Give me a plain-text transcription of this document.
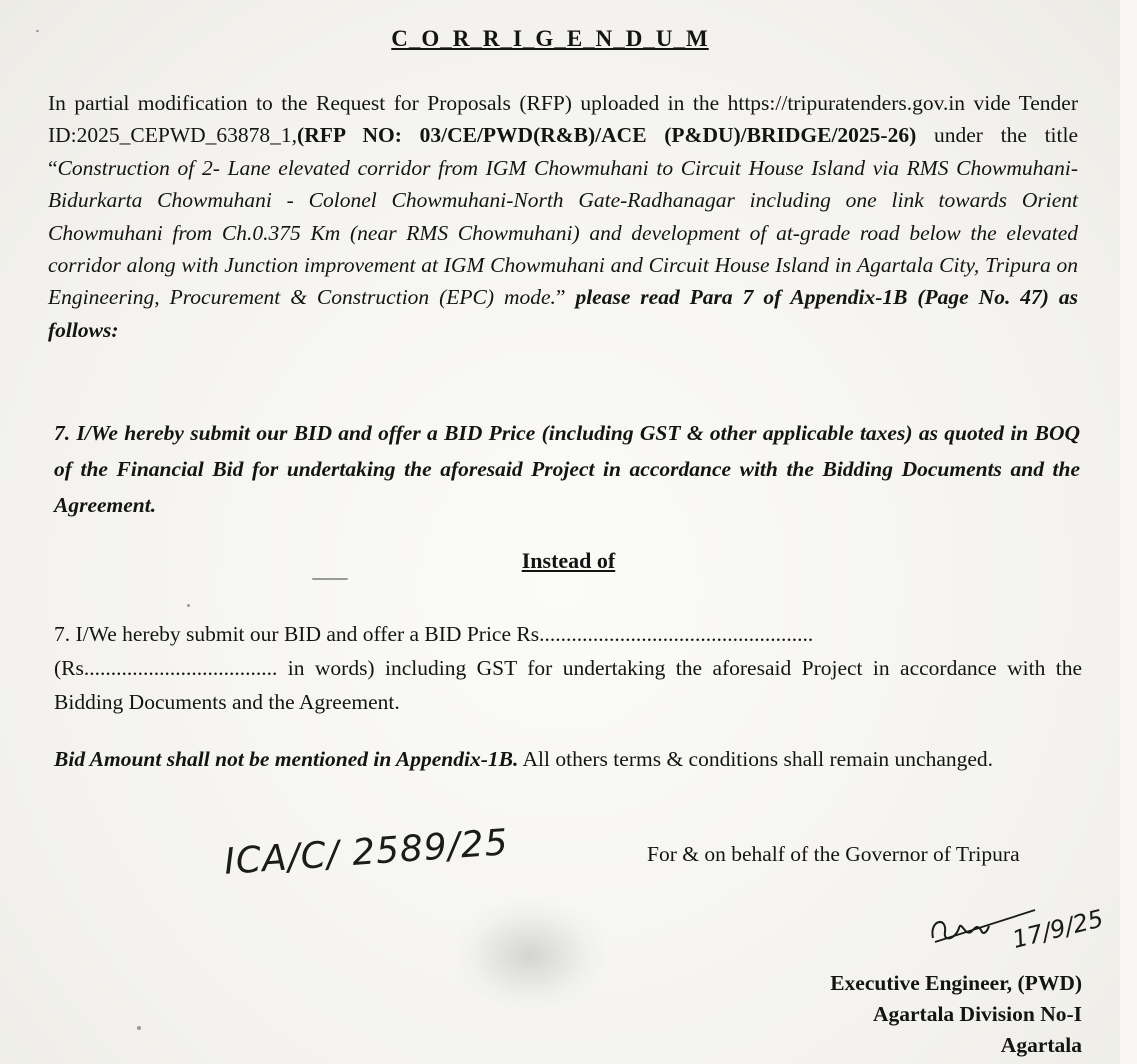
C_O_R_R_I_G_E_N_D_U_M
In partial modification to the Request for Proposals (RFP) uploaded in the https://tripuratenders.gov.in vide Tender ID:2025_CEPWD_63878_1,(RFP NO: 03/CE/PWD(R&B)/ACE (P&DU)/BRIDGE/2025-26) under the title “Construction of 2- Lane elevated corridor from IGM Chowmuhani to Circuit House Island via RMS Chowmuhani-Bidurkarta Chowmuhani - Colonel Chowmuhani-North Gate-Radhanagar including one link towards Orient Chowmuhani from Ch.0.375 Km (near RMS Chowmuhani) and development of at-grade road below the elevated corridor along with Junction improvement at IGM Chowmuhani and Circuit House Island in Agartala City, Tripura on Engineering, Procurement & Construction (EPC) mode.” please read Para 7 of Appendix-1B (Page No. 47) as follows:
7. I/We hereby submit our BID and offer a BID Price (including GST & other applicable taxes) as quoted in BOQ of the Financial Bid for undertaking the aforesaid Project in accordance with the Bidding Documents and the Agreement.
Instead of
7. I/We hereby submit our BID and offer a BID Price Rs...................................................
(Rs.................................... in words) including GST for undertaking the aforesaid Project in accordance with the Bidding Documents and the Agreement.
Bid Amount shall not be mentioned in Appendix-1B. All others terms & conditions shall remain unchanged.
ICA/C/ 2589/25	For & on behalf of the Governor of Tripura
17/9/25
Executive Engineer, (PWD)
Agartala Division No-I
Agartala
